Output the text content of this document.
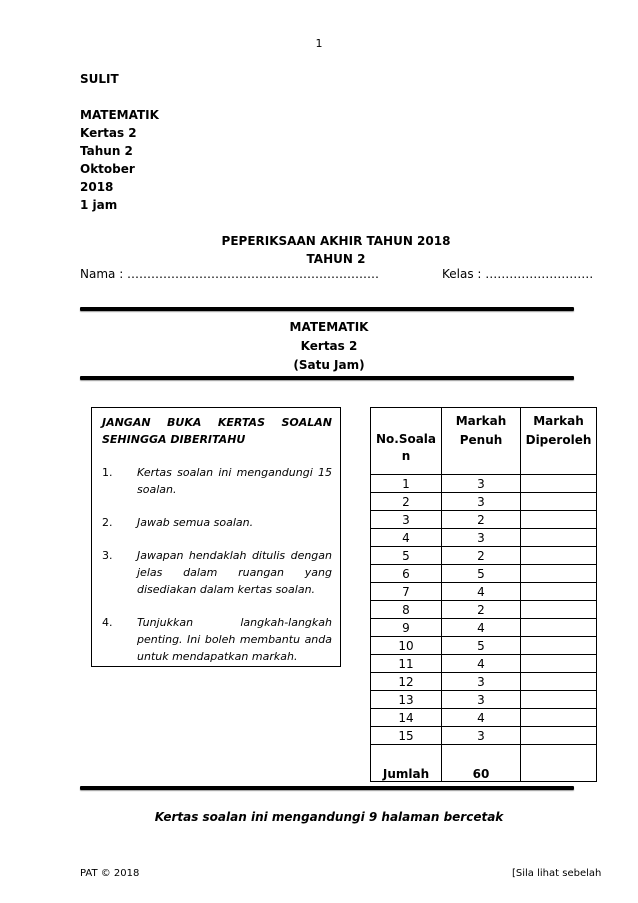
1
SULIT
MATEMATIK
Kertas 2
Tahun 2
Oktober
2018
1 jam
PEPERIKSAAN AKHIR TAHUN 2018
TAHUN 2
Nama : ………………………………………………………	Kelas : ………………………
MATEMATIK
Kertas 2
(Satu Jam)
JANGAN BUKA KERTAS SOALAN
SEHINGGA DIBERITAHU
1.	Kertas soalan ini mengandungi 15 soalan.
2.	Jawab semua soalan.
3.	Jawapan hendaklah ditulis dengan jelas dalam ruangan yang disediakan dalam kertas soalan.
4.	Tunjukkan langkah-langkah penting. Ini boleh membantu anda untuk mendapatkan markah.
No.Soala n	Markah Penuh	Markah Diperoleh
1	3	
2	3	
3	2	
4	3	
5	2	
6	5	
7	4	
8	2	
9	4	
10	5	
11	4	
12	3	
13	3	
14	4	
15	3	
Jumlah	60	
Kertas soalan ini mengandungi 9 halaman bercetak
PAT © 2018	[Sila lihat sebelah
